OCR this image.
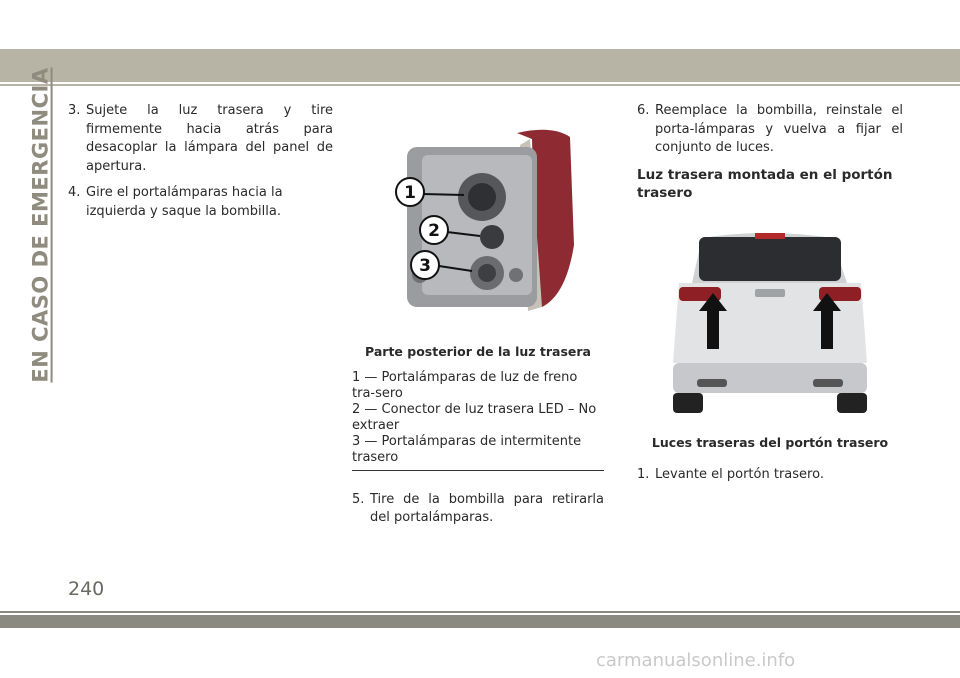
EN CASO DE EMERGENCIA 3. Sujete la luz trasera y tire firmemente hacia atrás para desacoplar la lámpara del panel de apertura.

4. Gire el portalámparas hacia la izquierda y saque la bombilla.

1
2
3
Parte posterior de la luz trasera
1 — Portalámparas de luz de freno tra-sero
2 — Conector de luz trasera LED – No extraer
3 — Portalámparas de intermitente trasero

5. Tire de la bombilla para retirarla del portalámparas.

6. Reemplace la bombilla, reinstale el porta-lámparas y vuelva a fijar el conjunto de luces.

Luz trasera montada en el portón trasero
Luces traseras del portón trasero

1. Levante el portón trasero.

240
carmanualsonline.info
